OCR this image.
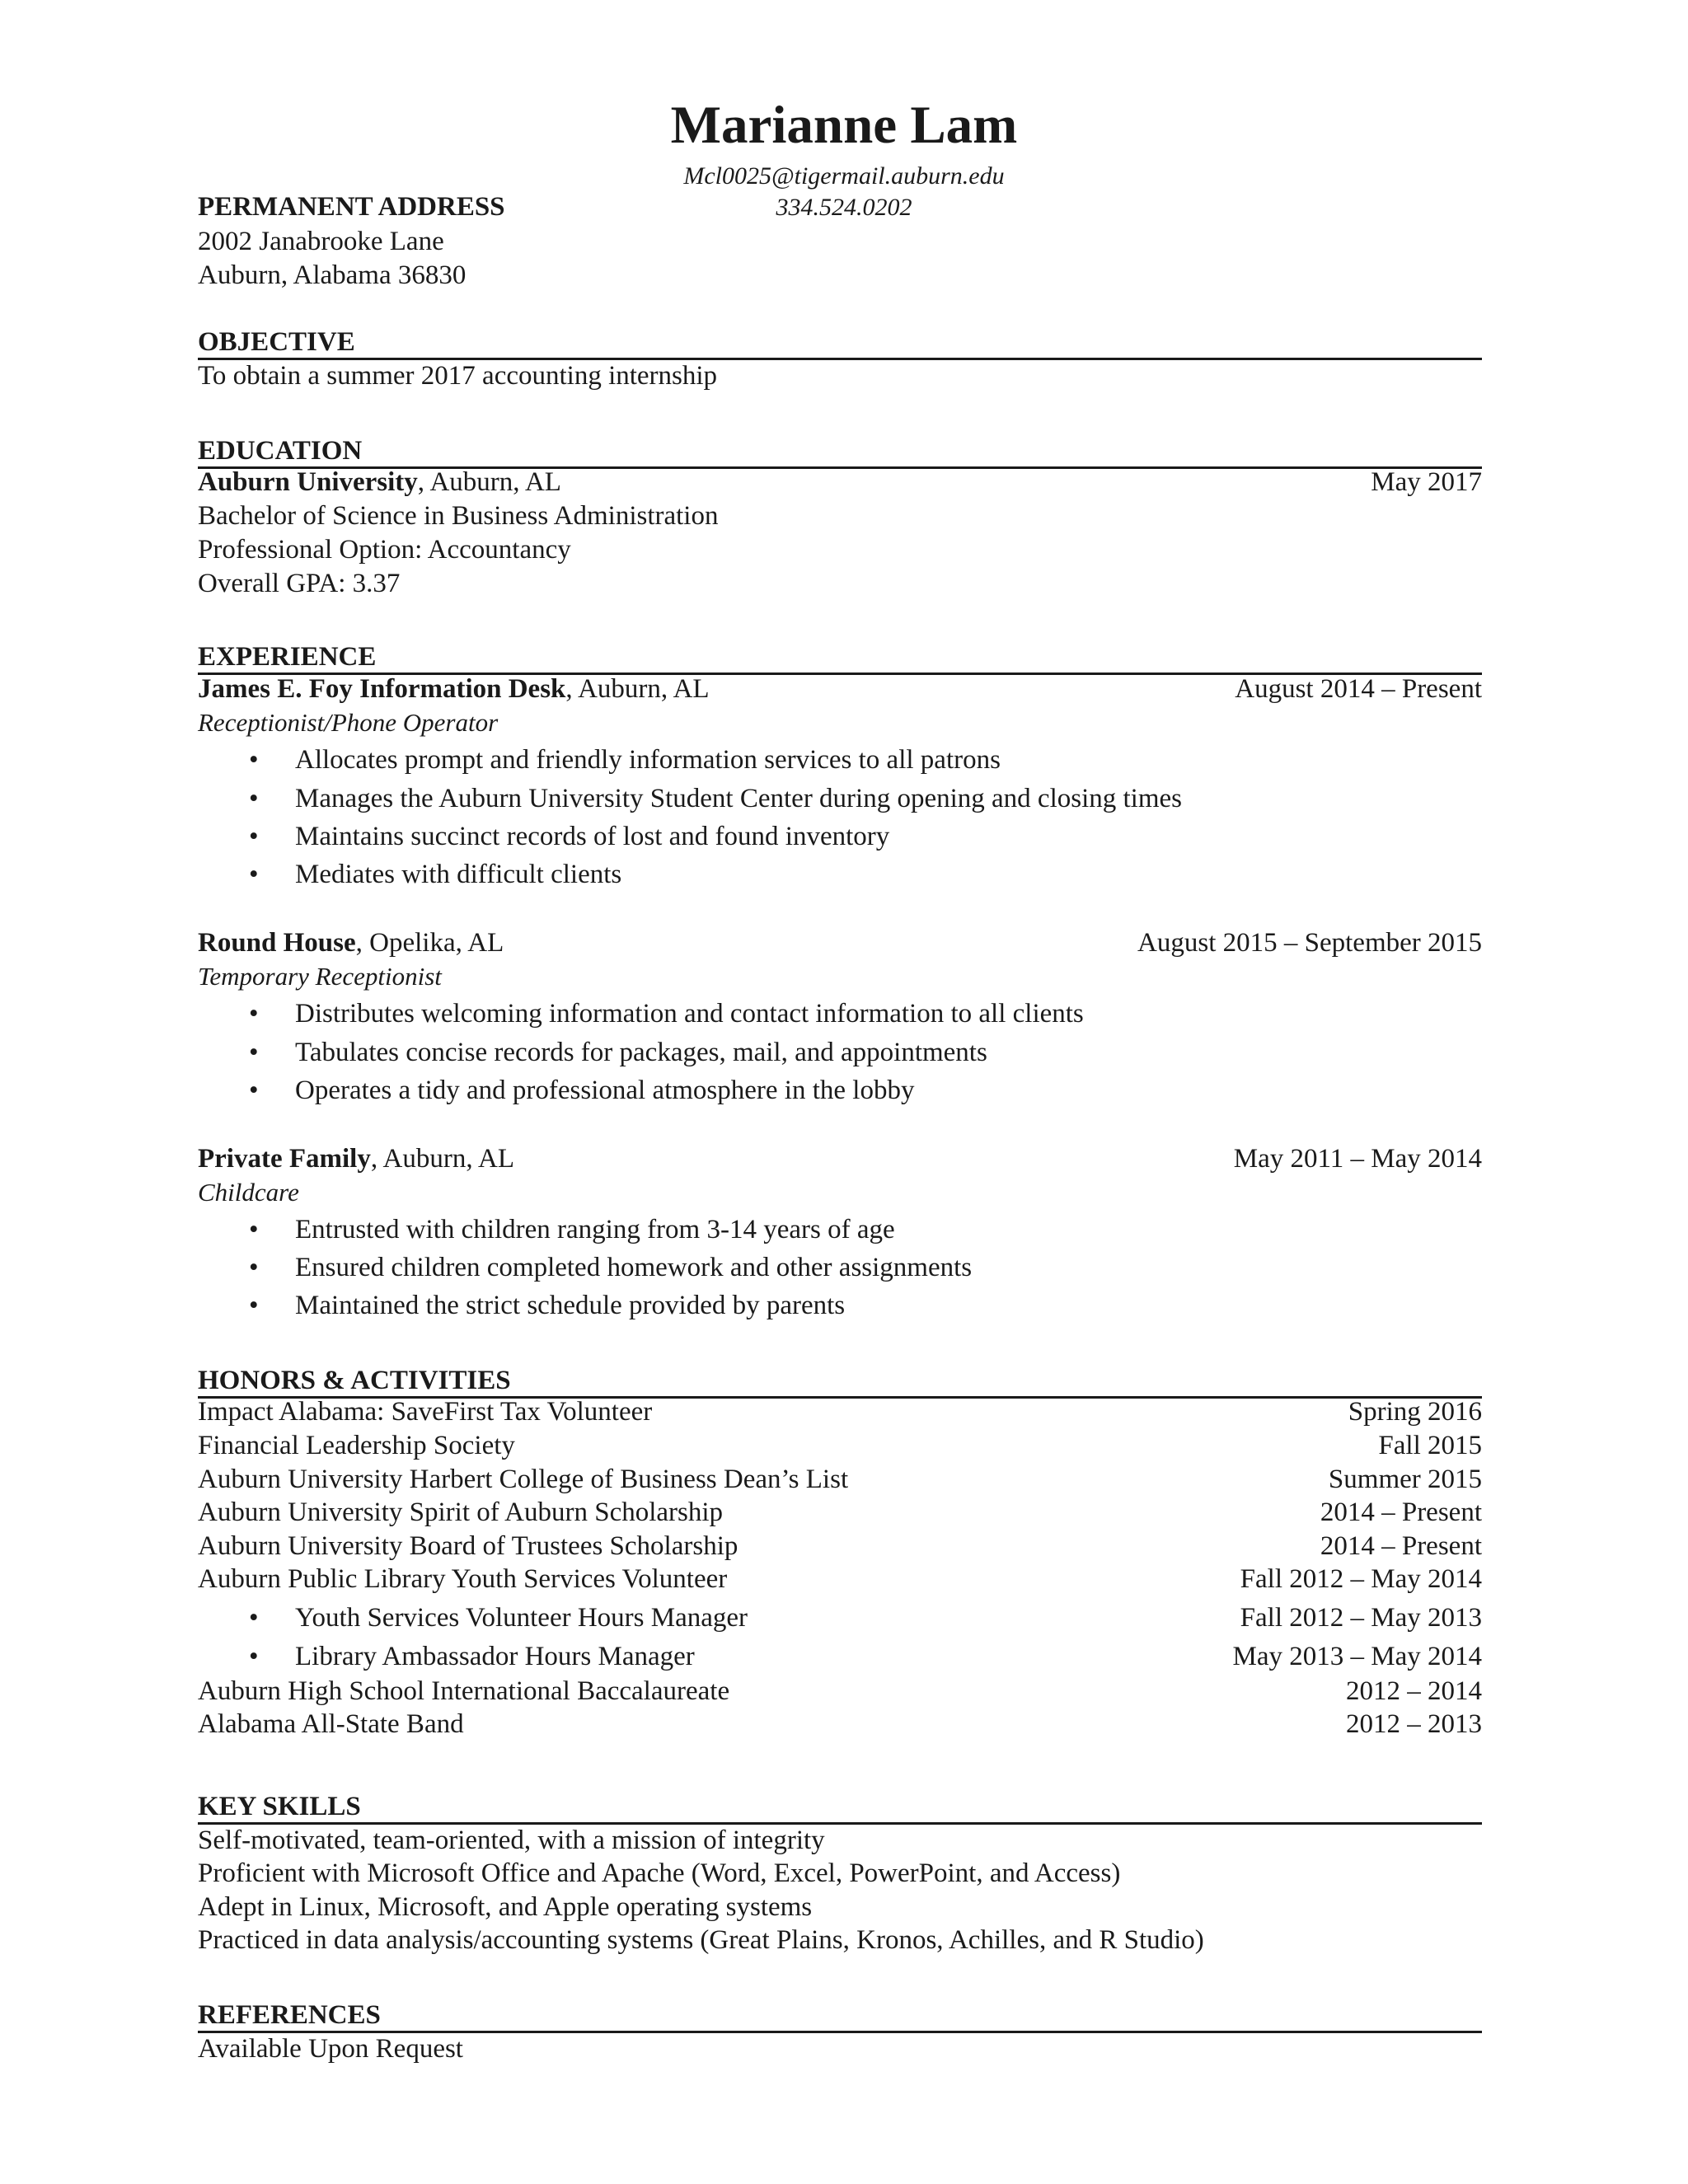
Marianne Lam
Mcl0025@tigermail.auburn.edu
334.524.0202
PERMANENT ADDRESS
2002 Janabrooke Lane
Auburn, Alabama 36830
OBJECTIVE
To obtain a summer 2017 accounting internship
EDUCATION
Auburn University, Auburn, AL	May 2017
Bachelor of Science in Business Administration
Professional Option: Accountancy
Overall GPA: 3.37
EXPERIENCE
James E. Foy Information Desk, Auburn, AL	August 2014 – Present
Receptionist/Phone Operator
• Allocates prompt and friendly information services to all patrons
• Manages the Auburn University Student Center during opening and closing times
• Maintains succinct records of lost and found inventory
• Mediates with difficult clients
Round House, Opelika, AL	August 2015 – September 2015
Temporary Receptionist
• Distributes welcoming information and contact information to all clients
• Tabulates concise records for packages, mail, and appointments
• Operates a tidy and professional atmosphere in the lobby
Private Family, Auburn, AL	May 2011 – May 2014
Childcare
• Entrusted with children ranging from 3-14 years of age
• Ensured children completed homework and other assignments
• Maintained the strict schedule provided by parents
HONORS & ACTIVITIES
Impact Alabama: SaveFirst Tax Volunteer	Spring 2016
Financial Leadership Society	Fall 2015
Auburn University Harbert College of Business Dean’s List	Summer 2015
Auburn University Spirit of Auburn Scholarship	2014 – Present
Auburn University Board of Trustees Scholarship	2014 – Present
Auburn Public Library Youth Services Volunteer	Fall 2012 – May 2014
• Youth Services Volunteer Hours Manager	Fall 2012 – May 2013
• Library Ambassador Hours Manager	May 2013 – May 2014
Auburn High School International Baccalaureate	2012 – 2014
Alabama All-State Band	2012 – 2013
KEY SKILLS
Self-motivated, team-oriented, with a mission of integrity
Proficient with Microsoft Office and Apache (Word, Excel, PowerPoint, and Access)
Adept in Linux, Microsoft, and Apple operating systems
Practiced in data analysis/accounting systems (Great Plains, Kronos, Achilles, and R Studio)
REFERENCES
Available Upon Request
